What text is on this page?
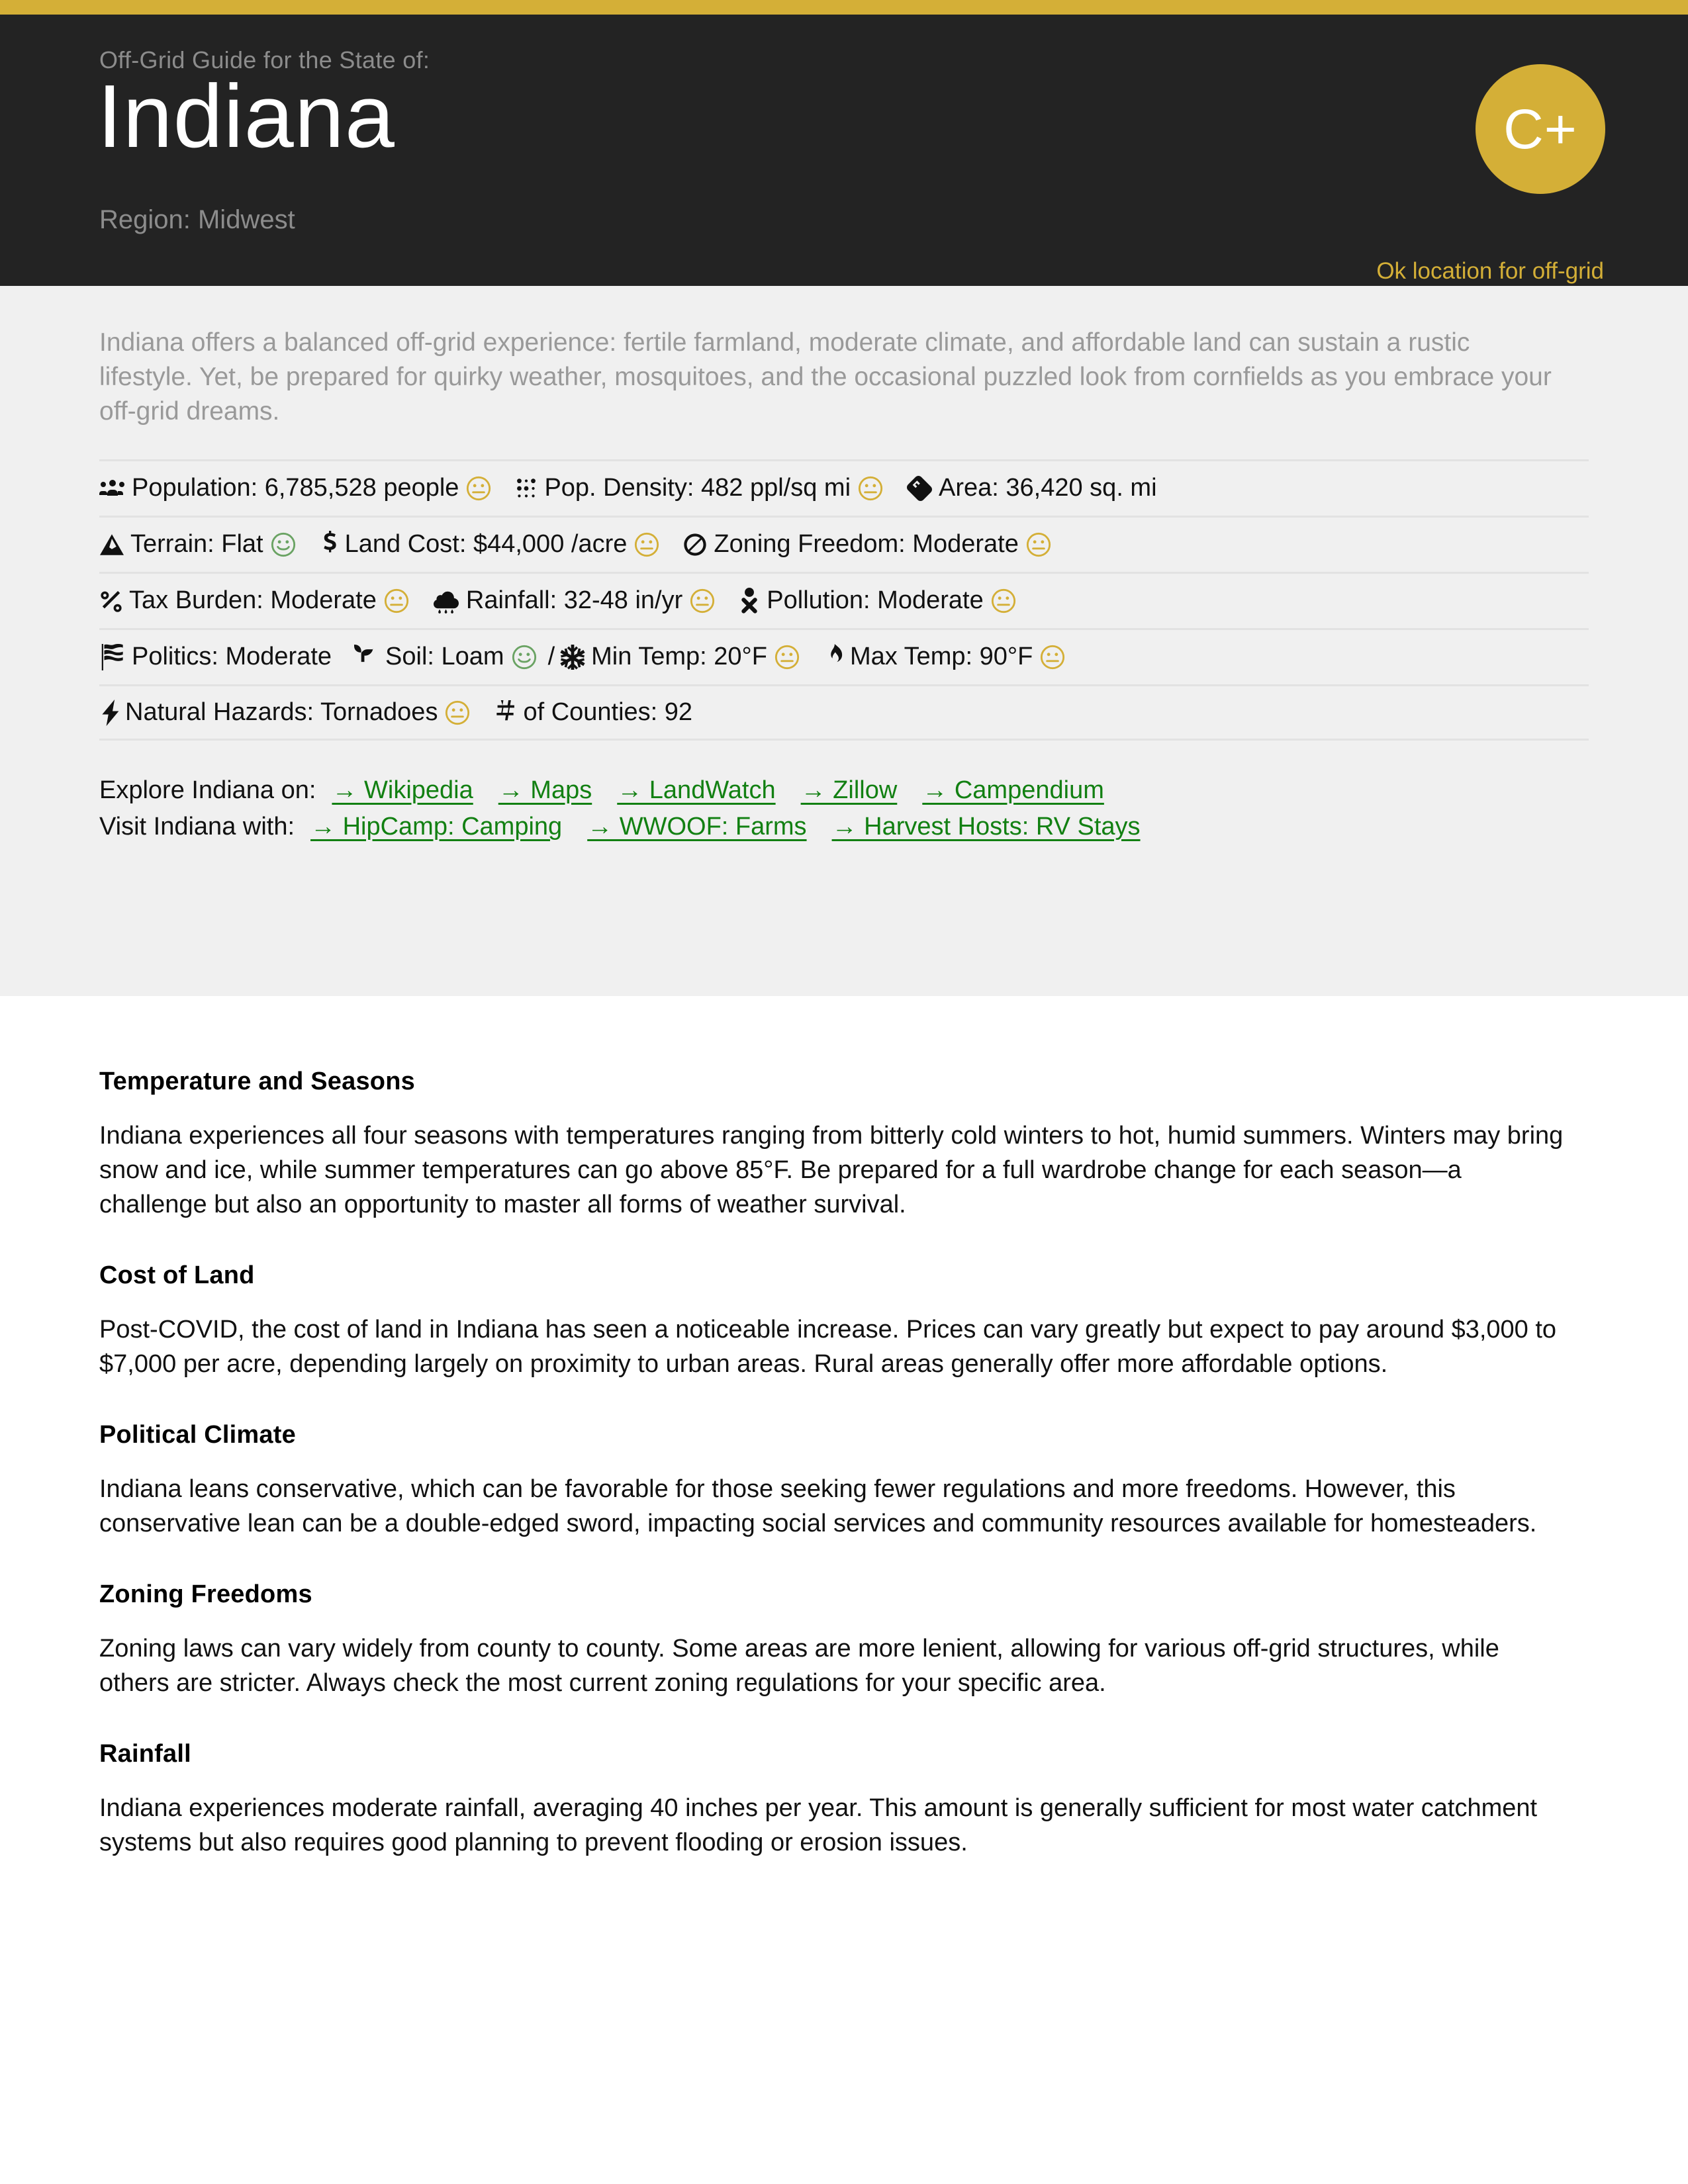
Off-Grid Guide for the State of:
Indiana
Region: Midwest
C+
Ok location for off-grid

Indiana offers a balanced off-grid experience: fertile farmland, moderate climate, and affordable land can sustain a rustic lifestyle. Yet, be prepared for quirky weather, mosquitoes, and the occasional puzzled look from cornfields as you embrace your off-grid dreams.

Population: 6,785,528 people	Pop. Density: 482 ppl/sq mi	Area: 36,420 sq. mi
Terrain: Flat	Land Cost: $44,000 /acre	Zoning Freedom: Moderate
Tax Burden: Moderate	Rainfall: 32-48 in/yr	Pollution: Moderate
Politics: Moderate Soil: Loam / Min Temp: 20°F	Max Temp: 90°F
Natural Hazards: Tornadoes	of Counties: 92
Explore Indiana on: → Wikipedia → Maps → LandWatch → Zillow → Campendium
Visit Indiana with: → HipCamp: Camping → WWOOF: Farms → Harvest Hosts: RV Stays
Temperature and Seasons

Indiana experiences all four seasons with temperatures ranging from bitterly cold winters to hot, humid summers. Winters may bring snow and ice, while summer temperatures can go above 85°F. Be prepared for a full wardrobe change for each season—a challenge but also an opportunity to master all forms of weather survival.

Cost of Land

Post-COVID, the cost of land in Indiana has seen a noticeable increase. Prices can vary greatly but expect to pay around $3,000 to $7,000 per acre, depending largely on proximity to urban areas. Rural areas generally offer more affordable options.

Political Climate

Indiana leans conservative, which can be favorable for those seeking fewer regulations and more freedoms. However, this conservative lean can be a double-edged sword, impacting social services and community resources available for homesteaders.

Zoning Freedoms

Zoning laws can vary widely from county to county. Some areas are more lenient, allowing for various off-grid structures, while others are stricter. Always check the most current zoning regulations for your specific area.

Rainfall

Indiana experiences moderate rainfall, averaging 40 inches per year. This amount is generally sufficient for most water catchment systems but also requires good planning to prevent flooding or erosion issues.
